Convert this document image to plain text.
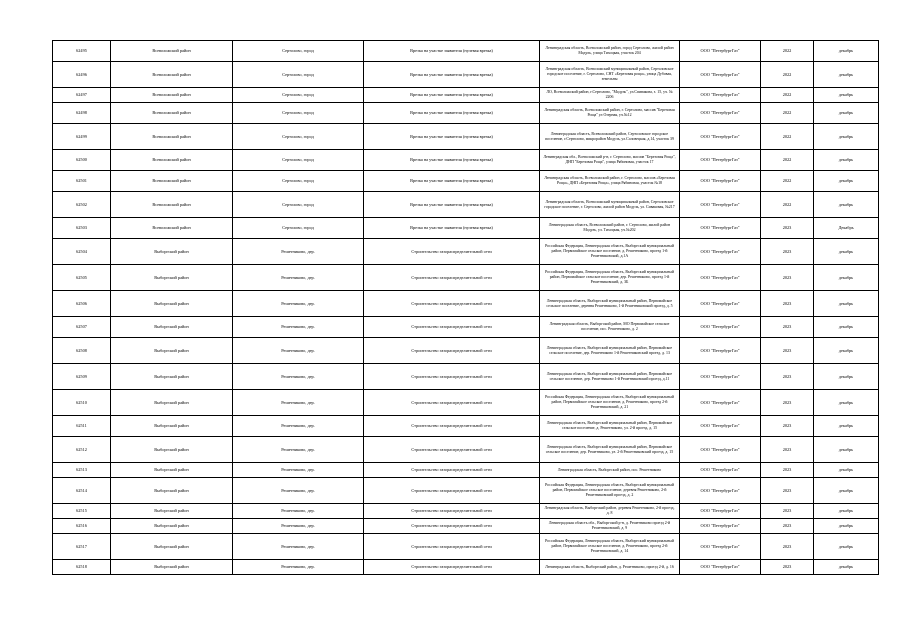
62495	Всеволожский район	Сертолово, город	Врезка на участке заявителя (нулевая врезка)	Ленинградская область, Всеволожский район, город Сертолово, жилой район Модуль, улица Тихоцкая, участок 204	ООО "ПетербургГаз"	2022	декабрь
62496	Всеволожский район	Сертолово, город	Врезка на участке заявителя (нулевая врезка)	Ленинградская область, Всеволожский муниципальный район, Сертоловское городское поселение, г. Сертолово, СНТ «Березовая роща», улица Дубовая, земельны	ООО "ПетербургГаз"	2022	декабрь
62497	Всеволожский район	Сертолово, город	Врезка на участке заявителя (нулевая врезка)	ЛО, Всеволожский район, г.Сертолово, "Модуль", ул.Спивакова, з. 15, уч. № 2206	ООО "ПетербургГаз"	2022	декабрь
62498	Всеволожский район	Сертолово, город	Врезка на участке заявителя (нулевая врезка)	Ленинградская область, Всеволожский район, г. Сертолово, массив "Березовая Роща" ул Озерная, уч.№12	ООО "ПетербургГаз"	2022	декабрь
62499	Всеволожский район	Сертолово, город	Врезка на участке заявителя (нулевая врезка)	Ленинградская область, Всеволожский район, Сертоловское городское поселение, г.Сертолово, микрорайон Модуль, ул.Соловецкая, д.14, участок 39	ООО "ПетербургГаз"	2022	декабрь
62500	Всеволожский район	Сертолово, город	Врезка на участке заявителя (нулевая врезка)	Ленинградская обл., Всеволожский р-н, г. Сертолово, массив "Березовая Роща", ДНП "Березовая Роща", улица Рябиновая, участок 17	ООО "ПетербургГаз"	2022	декабрь
62501	Всеволожский район	Сертолово, город	Врезка на участке заявителя (нулевая врезка)	Ленинградская область, Всеволожский район, г. Сертолово, массив «Березовая Роща», ДНП «Березовая Роща», улица Рябиновая, участок №18	ООО "ПетербургГаз"	2022	декабрь
62502	Всеволожский район	Сертолово, город	Врезка на участке заявителя (нулевая врезка)	Ленинградская область, Всеволожский муниципальный район, Сертоловское городское поселение, г. Сертолово, жилой район Модуль, ул. Сиваковая, №217	ООО "ПетербургГаз"	2022	декабрь
62503	Всеволожский район	Сертолово, город	Врезка на участке заявителя (нулевая врезка)	Ленинградская область, Всеволожский район, г. Сертолово, жилой район Модуль, ул. Тихоцкая, уч.№202	ООО "ПетербургГаз"	2023	Декабрь
62504	Выборгский район	Решетниково, дер.	Строительство газораспределительной сети	Российская Федерация, Ленинградская область, Выборгский муниципальный район, Первомайское сельское поселение, д. Решетниково, проезд 1-й Решетниковский, д.1А	ООО "ПетербургГаз"	2023	декабрь
62505	Выборгский район	Решетниково, дер.	Строительство газораспределительной сети	Российская Федерация, Ленинградская область, Выборгский муниципальный район, Первомайское сельское поселение, дер. Решетниково, проезд 1-й Решетниковский, д. 3Б	ООО "ПетербургГаз"	2023	декабрь
62506	Выборгский район	Решетниково, дер.	Строительство газораспределительной сети	Ленинградская область, Выборгский муниципальный район, Первомайское сельское поселение, деревня Решетниково, 1-й Решетниковский проезд, д. 5	ООО "ПетербургГаз"	2023	декабрь
62507	Выборгский район	Решетниково, дер.	Строительство газораспределительной сети	Ленинградская область, Выборгский район, МО Первомайское сельское поселение, пос. Решетниково, д. 2	ООО "ПетербургГаз"	2023	декабрь
62508	Выборгский район	Решетниково, дер.	Строительство газораспределительной сети	Ленинградская область, Выборгский муниципальный район, Первомайское сельское поселение, дер. Решетниково 1-й Решетниковский проезд, д. 13	ООО "ПетербургГаз"	2023	декабрь
62509	Выборгский район	Решетниково, дер.	Строительство газораспределительной сети	Ленинградская область, Выборгский муниципальный район, Первомайское сельское поселение, дер. Решетниково 1-й Решетниковский проезд, д.11	ООО "ПетербургГаз"	2023	декабрь
62510	Выборгский район	Решетниково, дер.	Строительство газораспределительной сети	Российская Федерация, Ленинградская область, Выборгский муниципальный район, Первомайское сельское поселение, д. Решетниково, проезд 2-й Решетниковский, д. 21	ООО "ПетербургГаз"	2023	декабрь
62511	Выборгский район	Решетниково, дер.	Строительство газораспределительной сети	Ленинградская область, Выборгский муниципальный район, Первомайское сельское поселение, д. Решетниково, ул. 2-й проезд, д. 15	ООО "ПетербургГаз"	2023	декабрь
62512	Выборгский район	Решетниково, дер.	Строительство газораспределительной сети	Ленинградская область, Выборгский муниципальный район, Первомайское сельское поселение, дер. Решетниково, ул. 2-й Решетниковский проезд, д. 15	ООО "ПетербургГаз"	2023	декабрь
62513	Выборгский район	Решетниково, дер.	Строительство газораспределительной сети	Ленинградская область, Выборгский район, пос. Решетниково	ООО "ПетербургГаз"	2023	декабрь
62514	Выборгский район	Решетниково, дер.	Строительство газораспределительной сети	Российская Федерация, Ленинградская область, Выборгский муниципальный район, Первомайское сельское поселение, деревня Решетниково, 2-й Решетниковский проезд, д. 2	ООО "ПетербургГаз"	2023	декабрь
62515	Выборгский район	Решетниково, дер.	Строительство газораспределительной сети	Ленинградская область, Выборгский район, деревня Решетниково, 2-й проезд, д. 8	ООО "ПетербургГаз"	2023	декабрь
62516	Выборгский район	Решетниково, дер.	Строительство газораспределительной сети	Ленинградская область обл., Выборгский р-н, д. Решетниково проезд 2-й Решетниковский, д. 9	ООО "ПетербургГаз"	2023	декабрь
62517	Выборгский район	Решетниково, дер.	Строительство газораспределительной сети	Российская Федерация, Ленинградская область, Выборгский муниципальный район, Первомайское сельское поселение, д. Решетниково, проезд 2-й Решетниковский, д. 14	ООО "ПетербургГаз"	2023	декабрь
62518	Выборгский район	Решетниково, дер.	Строительство газораспределительной сети	Ленинградская область, Выборгский район, д. Решетниково, проезд 2-й, д. 16	ООО "ПетербургГаз"	2023	декабрь
